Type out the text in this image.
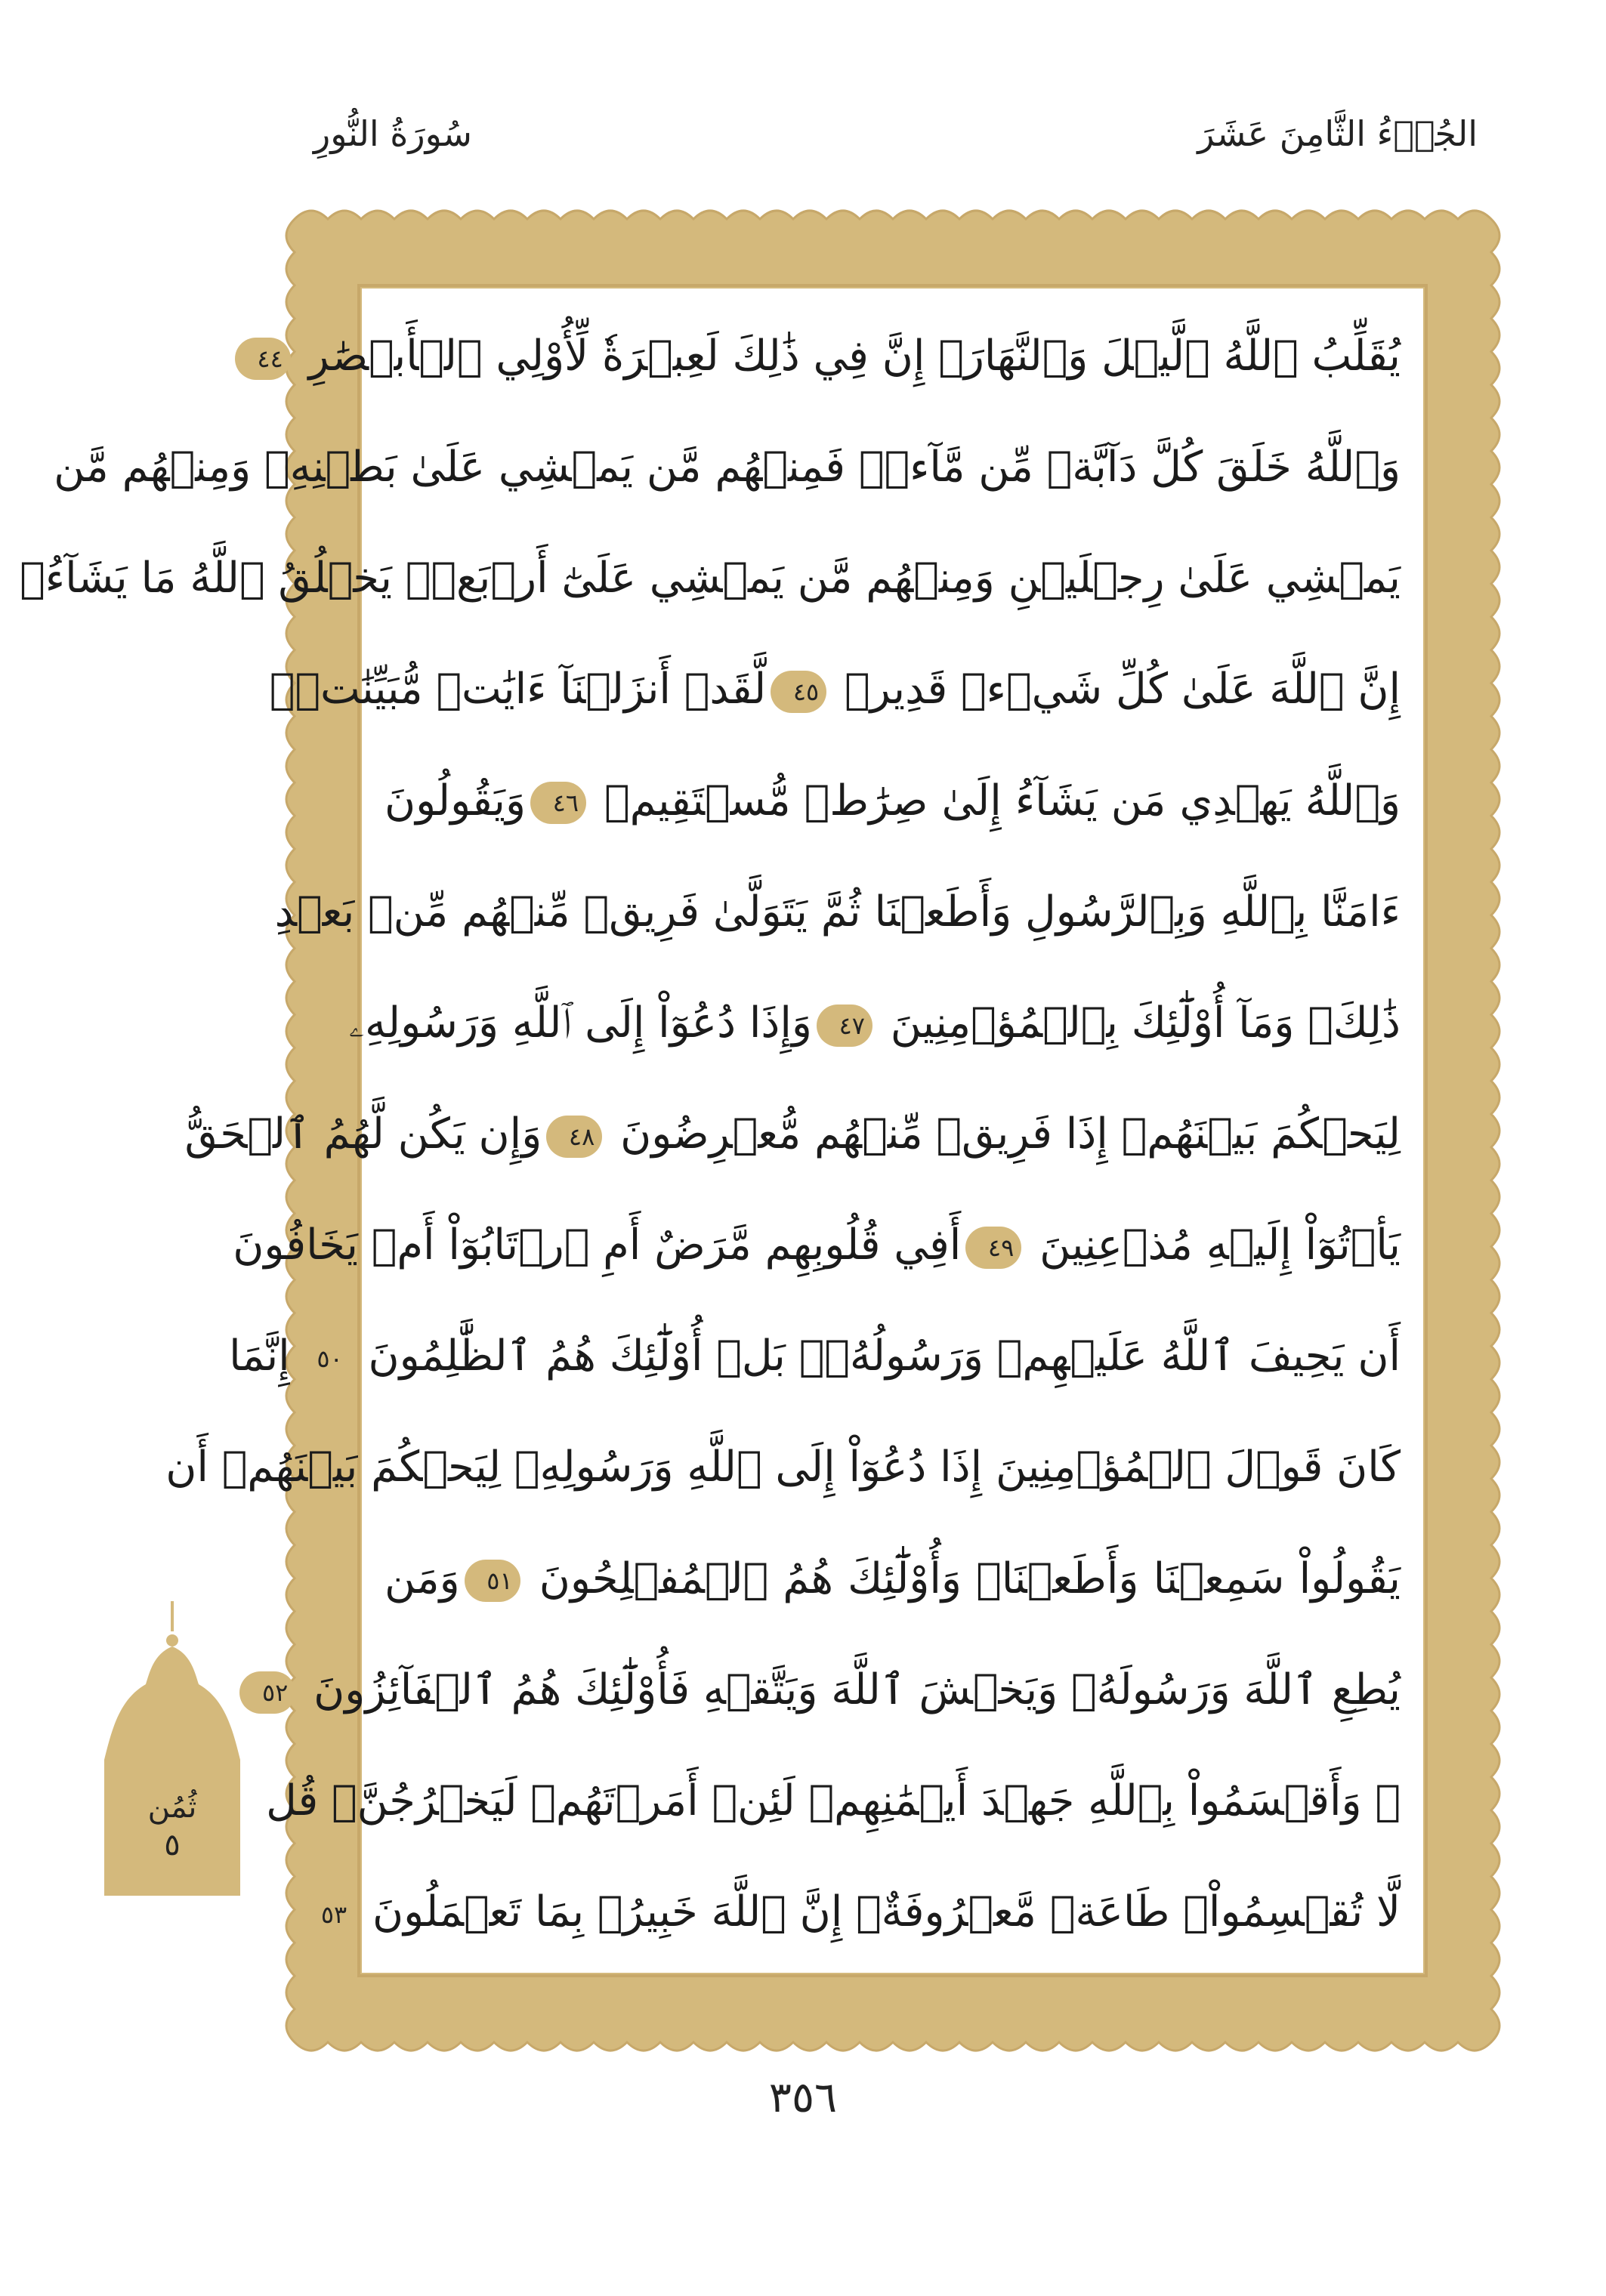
الجُزۡءُ الثَّامِنَ عَشَرَ
سُورَةُ النُّورِ
يُقَلِّبُ ٱللَّهُ ٱلَّيۡلَ وَٱلنَّهَارَۚ إِنَّ فِي ذَٰلِكَ لَعِبۡرَةٗ لِّأُوْلِي ٱلۡأَبۡصَٰرِ ٤٤
وَٱللَّهُ خَلَقَ كُلَّ دَآبَّةٖ مِّن مَّآءٖۖ فَمِنۡهُم مَّن يَمۡشِي عَلَىٰ بَطۡنِهِۦ وَمِنۡهُم مَّن
يَمۡشِي عَلَىٰ رِجۡلَيۡنِ وَمِنۡهُم مَّن يَمۡشِي عَلَىٰٓ أَرۡبَعٖۚ يَخۡلُقُ ٱللَّهُ مَا يَشَآءُۚ
إِنَّ ٱللَّهَ عَلَىٰ كُلِّ شَيۡءٖ قَدِيرٞ ٤٥لَّقَدۡ أَنزَلۡنَآ ءَايَٰتٖ مُّبَيِّنَٰتٖۚ
وَٱللَّهُ يَهۡدِي مَن يَشَآءُ إِلَىٰ صِرَٰطٖ مُّسۡتَقِيمٖ ٤٦وَيَقُولُونَ
ءَامَنَّا بِٱللَّهِ وَبِٱلرَّسُولِ وَأَطَعۡنَا ثُمَّ يَتَوَلَّىٰ فَرِيقٞ مِّنۡهُم مِّنۢ بَعۡدِ
ذَٰلِكَۚ وَمَآ أُوْلَٰٓئِكَ بِٱلۡمُؤۡمِنِينَ ٤٧وَإِذَا دُعُوٓاْ إِلَى ٱللَّهِ وَرَسُولِهِۦ
لِيَحۡكُمَ بَيۡنَهُمۡ إِذَا فَرِيقٞ مِّنۡهُم مُّعۡرِضُونَ ٤٨وَإِن يَكُن لَّهُمُ ٱلۡحَقُّ
يَأۡتُوٓاْ إِلَيۡهِ مُذۡعِنِينَ ٤٩أَفِي قُلُوبِهِم مَّرَضٌ أَمِ ٱرۡتَابُوٓاْ أَمۡ يَخَافُونَ
أَن يَحِيفَ ٱللَّهُ عَلَيۡهِمۡ وَرَسُولُهُۥۚ بَلۡ أُوْلَٰٓئِكَ هُمُ ٱلظَّٰلِمُونَ ٥٠إِنَّمَا
كَانَ قَوۡلَ ٱلۡمُؤۡمِنِينَ إِذَا دُعُوٓاْ إِلَى ٱللَّهِ وَرَسُولِهِۦ لِيَحۡكُمَ بَيۡنَهُمۡ أَن
يَقُولُواْ سَمِعۡنَا وَأَطَعۡنَاۚ وَأُوْلَٰٓئِكَ هُمُ ٱلۡمُفۡلِحُونَ ٥١وَمَن
يُطِعِ ٱللَّهَ وَرَسُولَهُۥ وَيَخۡشَ ٱللَّهَ وَيَتَّقۡهِ فَأُوْلَٰٓئِكَ هُمُ ٱلۡفَآئِزُونَ ٥٢
۞ وَأَقۡسَمُواْ بِٱللَّهِ جَهۡدَ أَيۡمَٰنِهِمۡ لَئِنۡ أَمَرۡتَهُمۡ لَيَخۡرُجُنَّۖ قُل
لَّا تُقۡسِمُواْۖ طَاعَةٞ مَّعۡرُوفَةٌۚ إِنَّ ٱللَّهَ خَبِيرُۢ بِمَا تَعۡمَلُونَ ٥٣
ثُمُن
٥
٣٥٦
